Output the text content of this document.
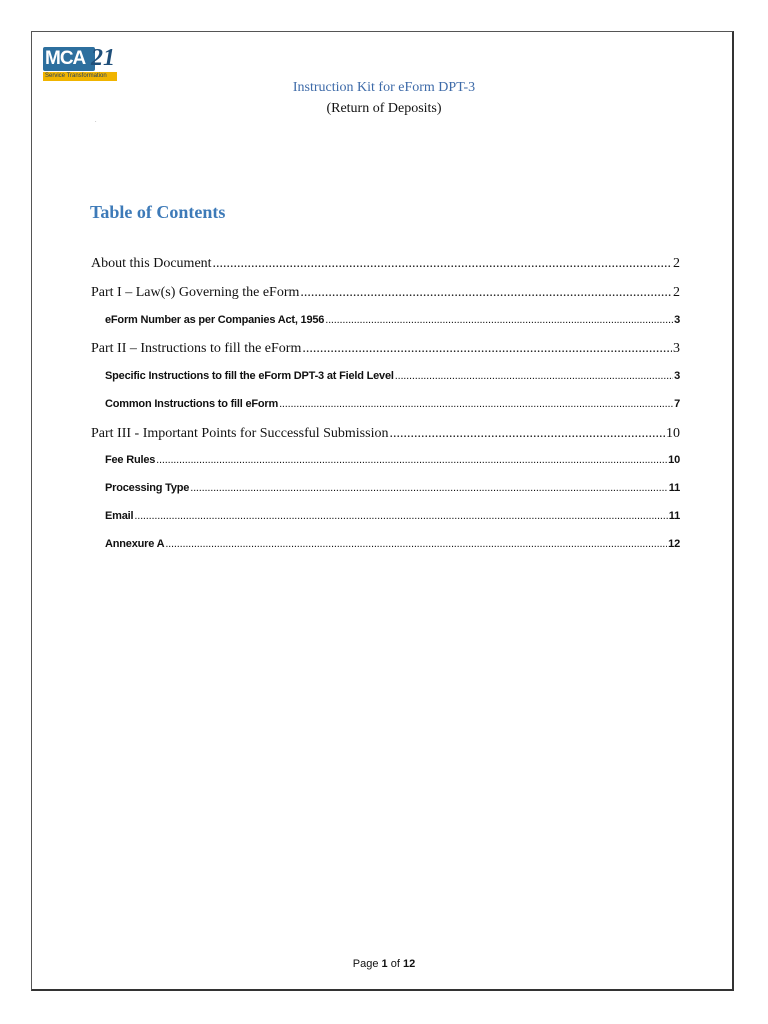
MCA 21
Service Transformation
.
Instruction Kit for eForm DPT-3
(Return of Deposits)
Table of Contents
About this Document .....	2
Part I – Law(s) Governing the eForm .....	2
eForm Number as per Companies Act, 1956 .....	3
Part II – Instructions to fill the eForm .....	3
Specific Instructions to fill the eForm DPT-3 at Field Level .....	3
Common Instructions to fill eForm .....	7
Part III - Important Points for Successful Submission .....	10
Fee Rules .....	10
Processing Type .....	11
Email .....	11
Annexure A .....	12
Page 1 of 12
